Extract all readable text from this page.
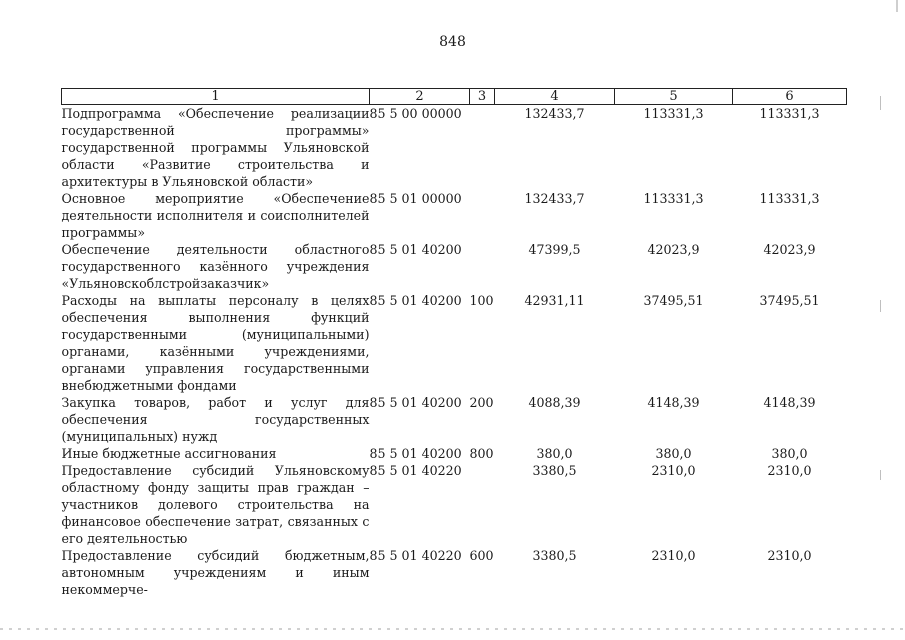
848
1	2	3	4	5	6
Подпрограмма «Обеспечение реализации государственной программы» государственной программы Ульяновской области «Развитие строительства и архитектуры в Ульяновской области»	85 5 00 00000		132433,7	113331,3	113331,3
Основное мероприятие «Обеспечение деятельности исполнителя и соисполнителей программы»	85 5 01 00000		132433,7	113331,3	113331,3
Обеспечение деятельности областного государственного казённого учреждения «Ульяновскоблстройзаказчик»	85 5 01 40200		47399,5	42023,9	42023,9
Расходы на выплаты персоналу в целях обеспечения выполнения функций государственными (муниципальными) органами, казёнными учреждениями, органами управления государственными внебюджетными фондами	85 5 01 40200	100	42931,11	37495,51	37495,51
Закупка товаров, работ и услуг для обеспечения государственных (муниципальных) нужд	85 5 01 40200	200	4088,39	4148,39	4148,39
Иные бюджетные ассигнования	85 5 01 40200	800	380,0	380,0	380,0
Предоставление субсидий Ульяновскому областному фонду защиты прав граждан – участников долевого строительства на финансовое обеспечение затрат, связанных с его деятельностью	85 5 01 40220		3380,5	2310,0	2310,0
Предоставление субсидий бюджетным, автономным учреждениям и иным некоммерче-	85 5 01 40220	600	3380,5	2310,0	2310,0
